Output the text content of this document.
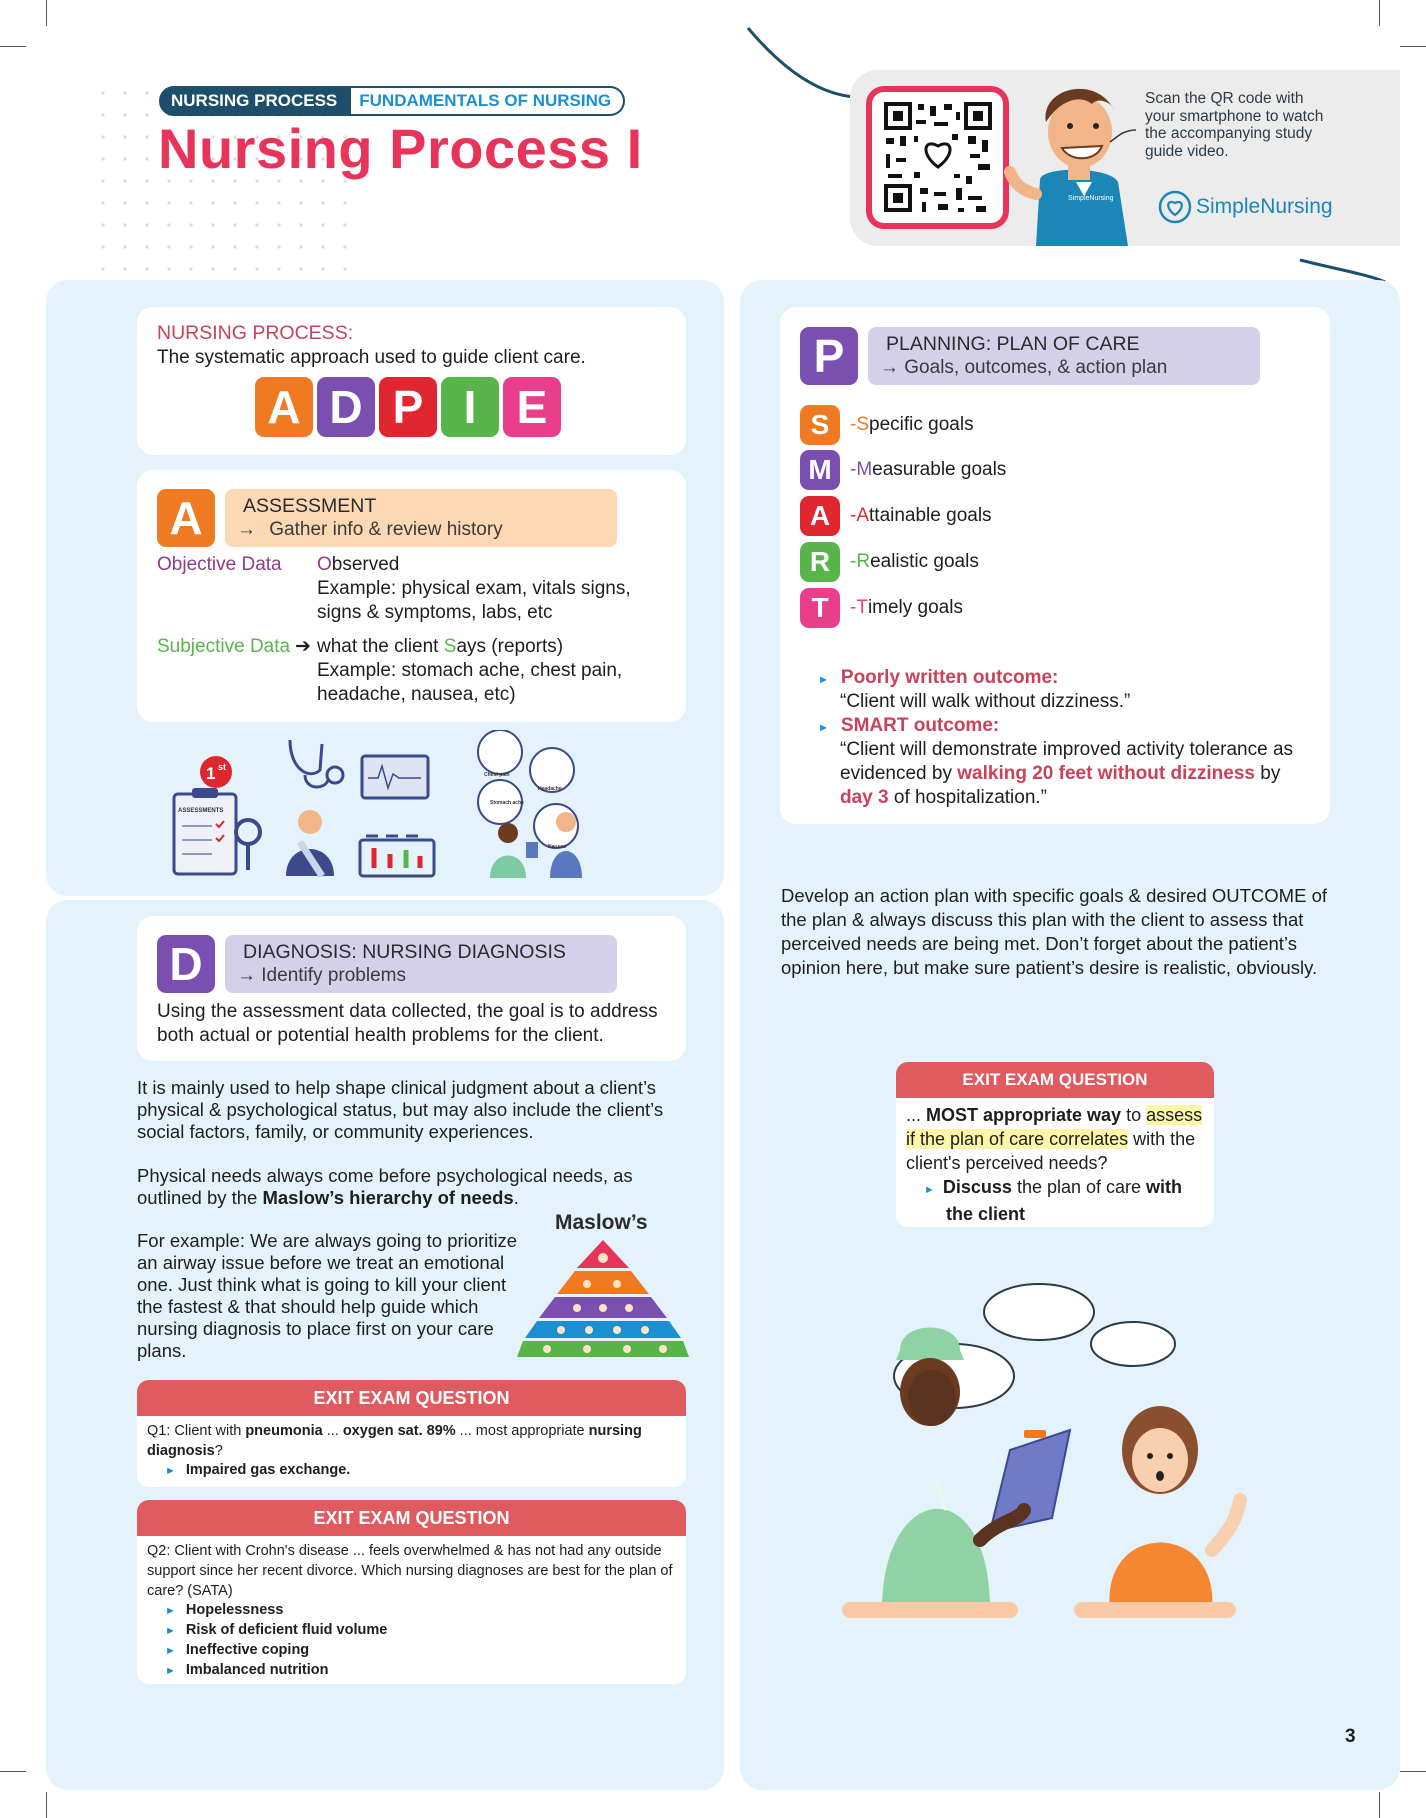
NURSING PROCESS	FUNDAMENTALS OF NURSING
Nursing Process I
SimpleNursing
Scan the QR code with your smartphone to watch the accompanying study guide video.
SimpleNursing
NURSING PROCESS:
The systematic approach used to guide client care.
A D P I E
A	ASSESSMENT
→ Gather info & review history
Objective Data Observed
Example: physical exam, vitals signs,
signs & symptoms, labs, etc
Subjective Data ➔ what the client Says (reports)
Example: stomach ache, chest pain,
headache, nausea, etc)
1 st
ASSESSMENTS
Chest pain
Headache
Stomach ache
Nausea
D	DIAGNOSIS: NURSING DIAGNOSIS
→ Identify problems
Using the assessment data collected, the goal is to address
both actual or potential health problems for the client.
It is mainly used to help shape clinical judgment about a client’s physical & psychological status, but may also include the client’s social factors, family, or community experiences.
Physical needs always come before psychological needs, as outlined by the Maslow’s hierarchy of needs.
For example: We are always going to prioritize an airway issue before we treat an emotional one. Just think what is going to kill your client the fastest & that should help guide which nursing diagnosis to place first on your care plans.
Maslow’s
EXIT EXAM QUESTION
Q1: Client with pneumonia ... oxygen sat. 89% ... most appropriate nursing diagnosis?
► Impaired gas exchange.
EXIT EXAM QUESTION
Q2: Client with Crohn's disease ... feels overwhelmed & has not had any outside support since her recent divorce. Which nursing diagnoses are best for the plan of care? (SATA)
► Hopelessness
► Risk of deficient fluid volume
► Ineffective coping
► Imbalanced nutrition
P	PLANNING: PLAN OF CARE
→ Goals, outcomes, & action plan
S	- S pecific goals
M - M easurable goals
A	- A ttainable goals
R	- R ealistic goals
T	- T imely goals
► Poorly written outcome:
“Client will walk without dizziness.”
► SMART outcome:
“Client will demonstrate improved activity tolerance as evidenced by walking 20 feet without dizziness by day 3 of hospitalization.”
Develop an action plan with specific goals & desired OUTCOME of the plan & always discuss this plan with the client to assess that perceived needs are being met. Don’t forget about the patient’s opinion here, but make sure patient’s desire is realistic, obviously.
EXIT EXAM QUESTION
... MOST appropriate way to assess if the plan of care correlates with the client's perceived needs?
► Discuss the plan of care with the client
3
